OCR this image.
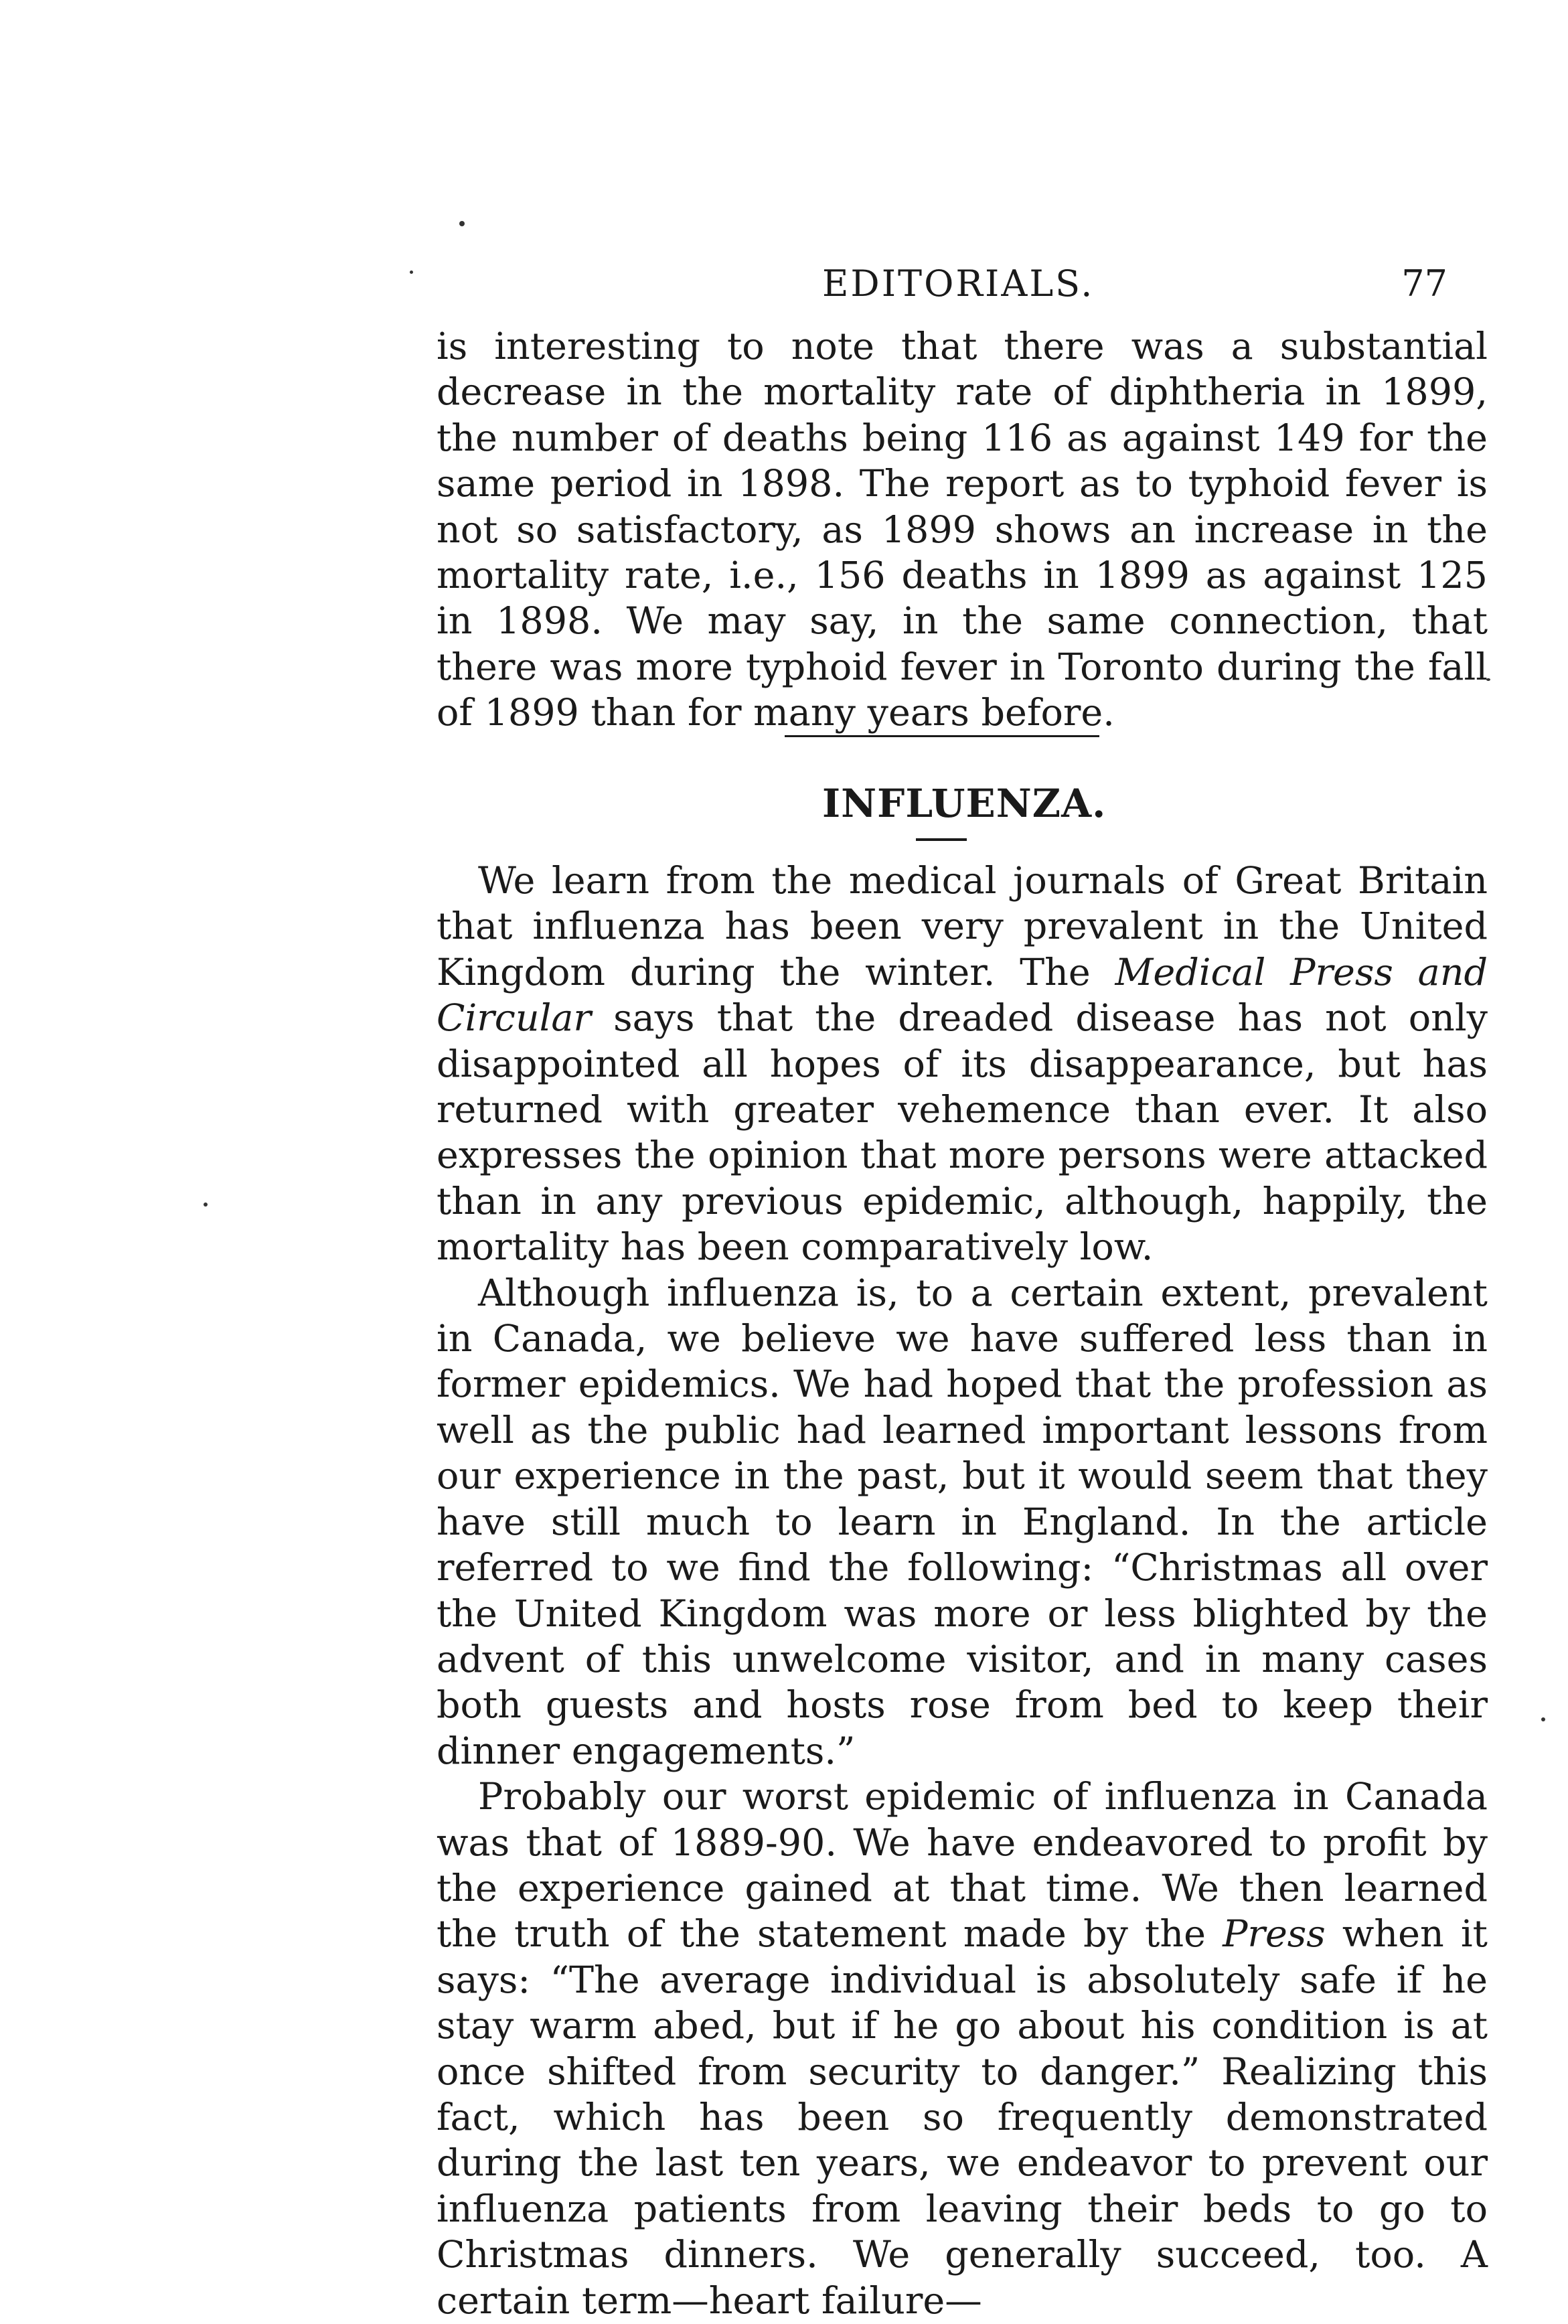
EDITORIALS.	77

is interesting to note that there was a substantial decrease in the mortality rate of diphtheria in 1899, the number of deaths being 116 as against 149 for the same period in 1898. The report as to typhoid fever is not so satisfactory, as 1899 shows an increase in the mortality rate, i.e., 156 deaths in 1899 as against 125 in 1898. We may say, in the same connection, that there was more typhoid fever in Toronto during the fall of 1899 than for many years before.

INFLUENZA.

We learn from the medical journals of Great Britain that influenza has been very prevalent in the United Kingdom during the winter. The Medical Press and Circular says that the dreaded disease has not only disappointed all hopes of its disappearance, but has returned with greater vehemence than ever. It also expresses the opinion that more persons were attacked than in any previous epidemic, although, happily, the mortality has been comparatively low.

Although influenza is, to a certain extent, prevalent in Canada, we believe we have suffered less than in former epidemics. We had hoped that the profession as well as the public had learned important lessons from our experience in the past, but it would seem that they have still much to learn in England. In the article referred to we find the following: “Christmas all over the United Kingdom was more or less blighted by the advent of this unwelcome visitor, and in many cases both guests and hosts rose from bed to keep their dinner engagements.”

Probably our worst epidemic of influenza in Canada was that of 1889-90. We have endeavored to profit by the experience gained at that time. We then learned the truth of the statement made by the Press when it says: “The average individual is absolutely safe if he stay warm abed, but if he go about his condition is at once shifted from security to danger.” Realizing this fact, which has been so frequently demonstrated during the last ten years, we endeavor to prevent our influenza patients from leaving their beds to go to Christmas dinners. We generally succeed, too. A certain term—heart failure—
